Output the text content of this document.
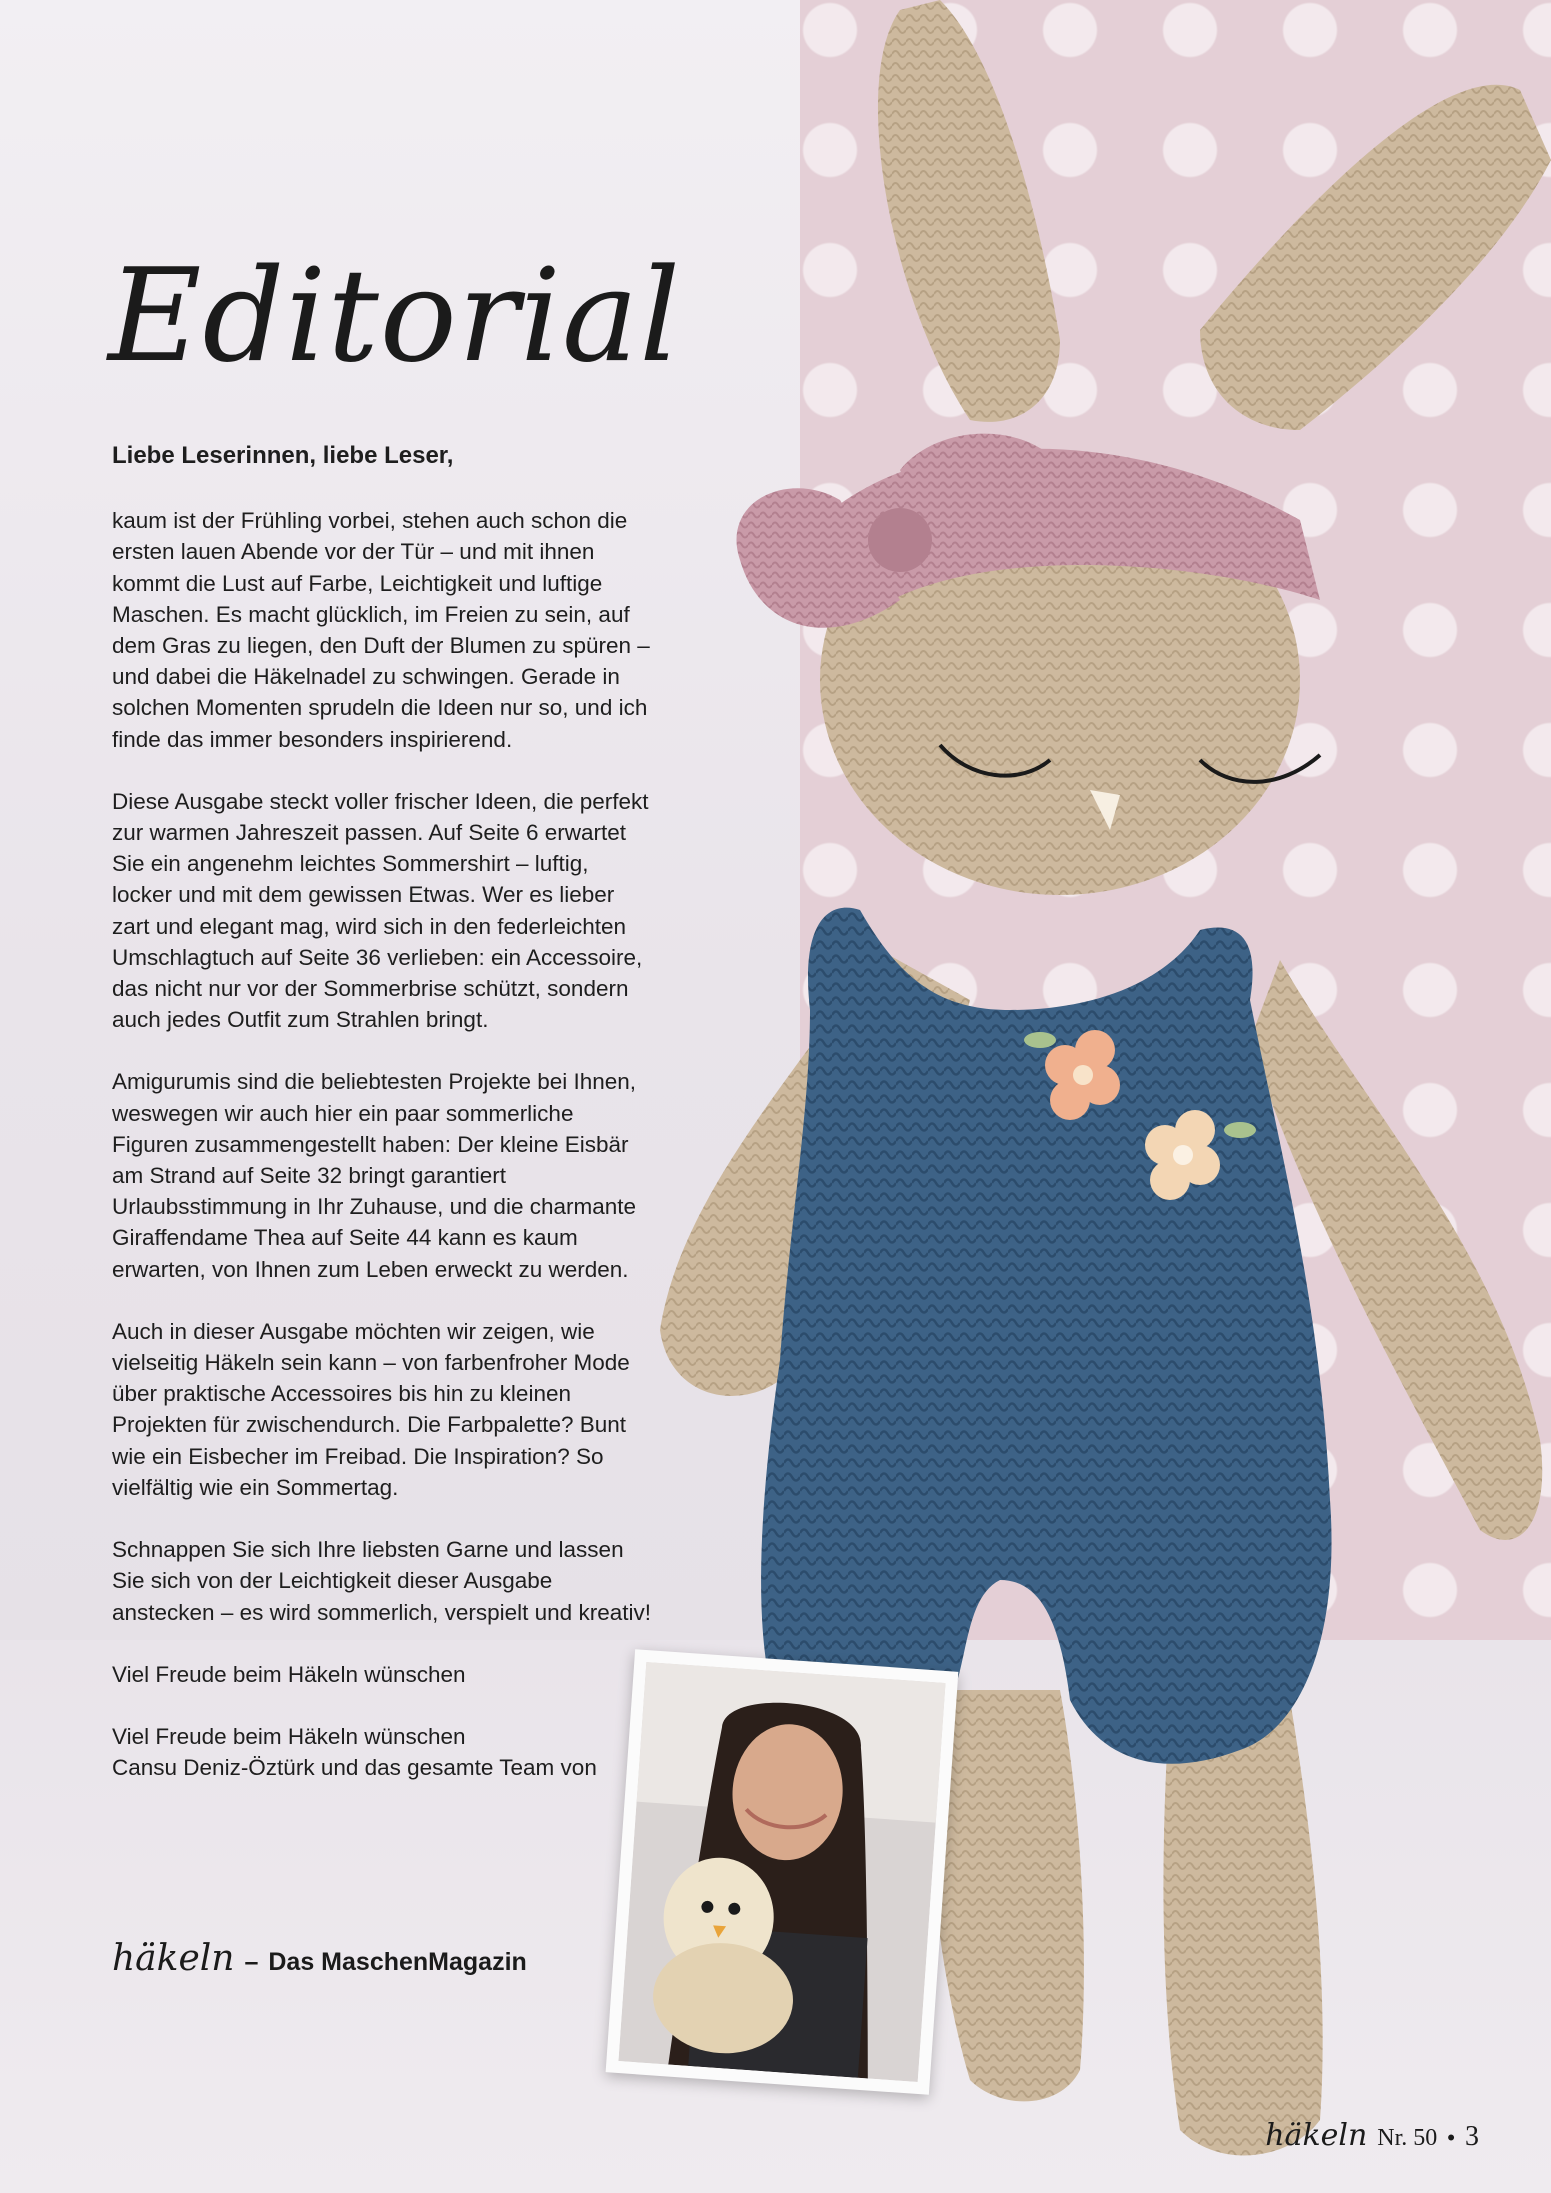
Editorial

Liebe Leserinnen, liebe Leser,

kaum ist der Frühling vorbei, stehen auch schon die ersten lauen Abende vor der Tür – und mit ihnen kommt die Lust auf Farbe, Leichtigkeit und luftige Maschen. Es macht glücklich, im Freien zu sein, auf dem Gras zu liegen, den Duft der Blumen zu spüren – und dabei die Häkelnadel zu schwingen. Gerade in solchen Momenten sprudeln die Ideen nur so, und ich finde das immer besonders inspirierend.

Diese Ausgabe steckt voller frischer Ideen, die perfekt zur warmen Jahreszeit passen. Auf Seite 6 erwartet Sie ein angenehm leichtes Sommershirt – luftig, locker und mit dem gewissen Etwas. Wer es lieber zart und elegant mag, wird sich in den federleichten Umschlagtuch auf Seite 36 verlieben: ein Accessoire, das nicht nur vor der Sommerbrise schützt, sondern auch jedes Outfit zum Strahlen bringt.

Amigurumis sind die beliebtesten Projekte bei Ihnen, weswegen wir auch hier ein paar sommerliche Figuren zusammengestellt haben: Der kleine Eisbär am Strand auf Seite 32 bringt garantiert Urlaubsstimmung in Ihr Zuhause, und die charmante Giraffendame Thea auf Seite 44 kann es kaum erwarten, von Ihnen zum Leben erweckt zu werden.

Auch in dieser Ausgabe möchten wir zeigen, wie vielseitig Häkeln sein kann – von farbenfroher Mode über praktische Accessoires bis hin zu kleinen Projekten für zwischendurch. Die Farbpalette? Bunt wie ein Eisbecher im Freibad. Die Inspiration? So vielfältig wie ein Sommertag.

Schnappen Sie sich Ihre liebsten Garne und lassen Sie sich von der Leichtigkeit dieser Ausgabe anstecken – es wird sommerlich, verspielt und kreativ!

Viel Freude beim Häkeln wünschen

Viel Freude beim Häkeln wünschen

Cansu Deniz-Öztürk und das gesamte Team von

häkeln – Das MaschenMagazin
häkeln Nr. 50 • 3
